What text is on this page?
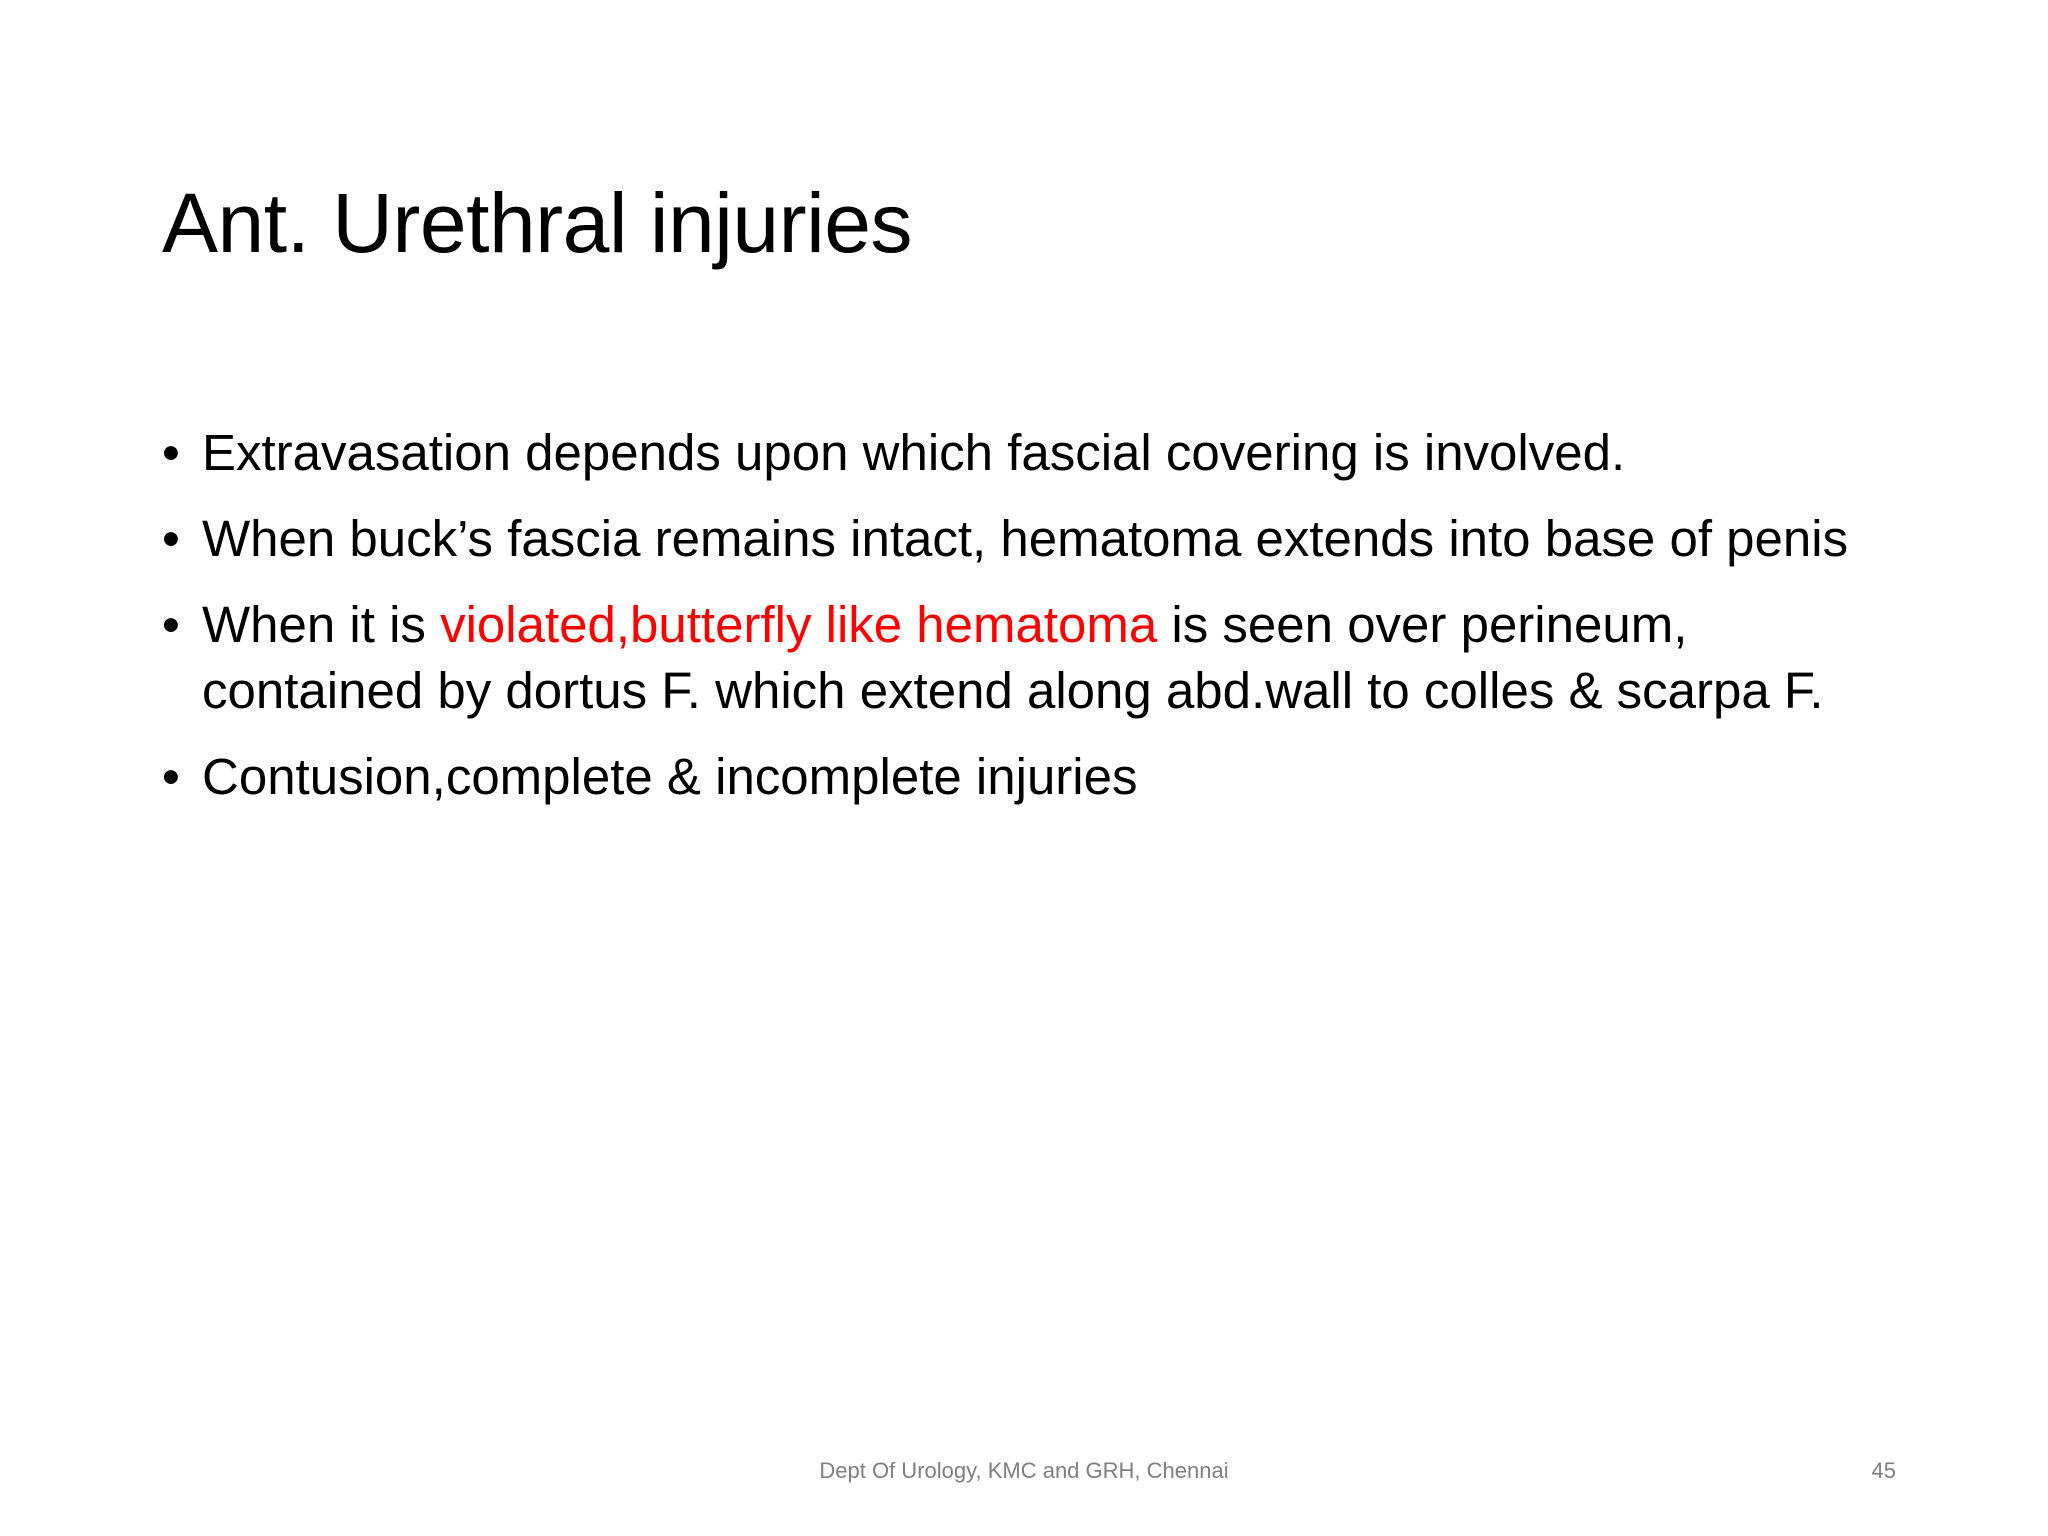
Ant. Urethral injuries
• Extravasation depends upon which fascial covering is involved.
• When buck’s fascia remains intact, hematoma extends into base of penis
• When it is violated,butterfly like hematoma is seen over perineum, contained by dortus F. which extend along abd.wall to colles & scarpa F.
• Contusion,complete & incomplete injuries
Dept Of Urology, KMC and GRH, Chennai	45
